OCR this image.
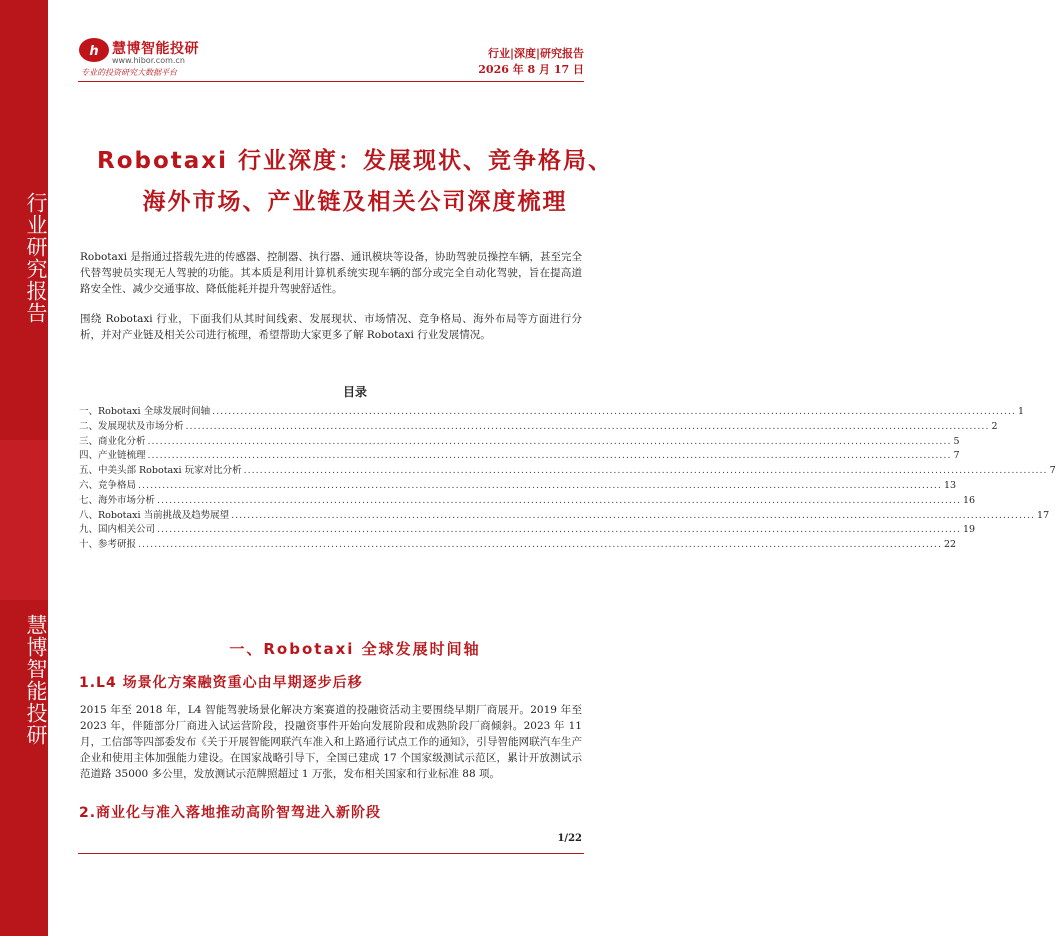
行业研究报告
慧博智能投研
h 慧博智能投研
www.hibor.com.cn
专业的投资研究大数据平台
行业|深度|研究报告
2026 年 8 月 17 日
Robotaxi 行业深度：发展现状、竞争格局、
海外市场、产业链及相关公司深度梳理
Robotaxi 是指通过搭载先进的传感器、控制器、执行器、通讯模块等设备，协助驾驶员操控车辆，甚至完全代替驾驶员实现无人驾驶的功能。其本质是利用计算机系统实现车辆的部分或完全自动化驾驶，旨在提高道路安全性、减少交通事故、降低能耗并提升驾驶舒适性。
围绕 Robotaxi 行业，下面我们从其时间线索、发展现状、市场情况、竞争格局、海外布局等方面进行分析，并对产业链及相关公司进行梳理，希望帮助大家更多了解 Robotaxi 行业发展情况。
目录
一、Robotaxi 全球发展时间轴 ........................................................................................................................................................................................................ 1
二、发展现状及市场分析 ........................................................................................................................................................................................................ 2
三、商业化分析 ........................................................................................................................................................................................................ 5
四、产业链梳理 ........................................................................................................................................................................................................ 7
五、中美头部 Robotaxi 玩家对比分析 ........................................................................................................................................................................................................ 7
六、竞争格局 ........................................................................................................................................................................................................ 13
七、海外市场分析 ........................................................................................................................................................................................................ 16
八、Robotaxi 当前挑战及趋势展望 ........................................................................................................................................................................................................ 17
九、国内相关公司 ........................................................................................................................................................................................................ 19
十、参考研报 ........................................................................................................................................................................................................ 22
一、Robotaxi 全球发展时间轴
1.L4 场景化方案融资重心由早期逐步后移
2015 年至 2018 年，L4 智能驾驶场景化解决方案赛道的投融资活动主要围绕早期厂商展开。2019 年至 2023 年，伴随部分厂商进入试运营阶段，投融资事件开始向发展阶段和成熟阶段厂商倾斜。2023 年 11 月，工信部等四部委发布《关于开展智能网联汽车准入和上路通行试点工作的通知》，引导智能网联汽车生产企业和使用主体加强能力建设。在国家战略引导下，全国已建成 17 个国家级测试示范区，累计开放测试示范道路 35000 多公里，发放测试示范牌照超过 1 万张，发布相关国家和行业标准 88 项。
2.商业化与准入落地推动高阶智驾进入新阶段
1/22
